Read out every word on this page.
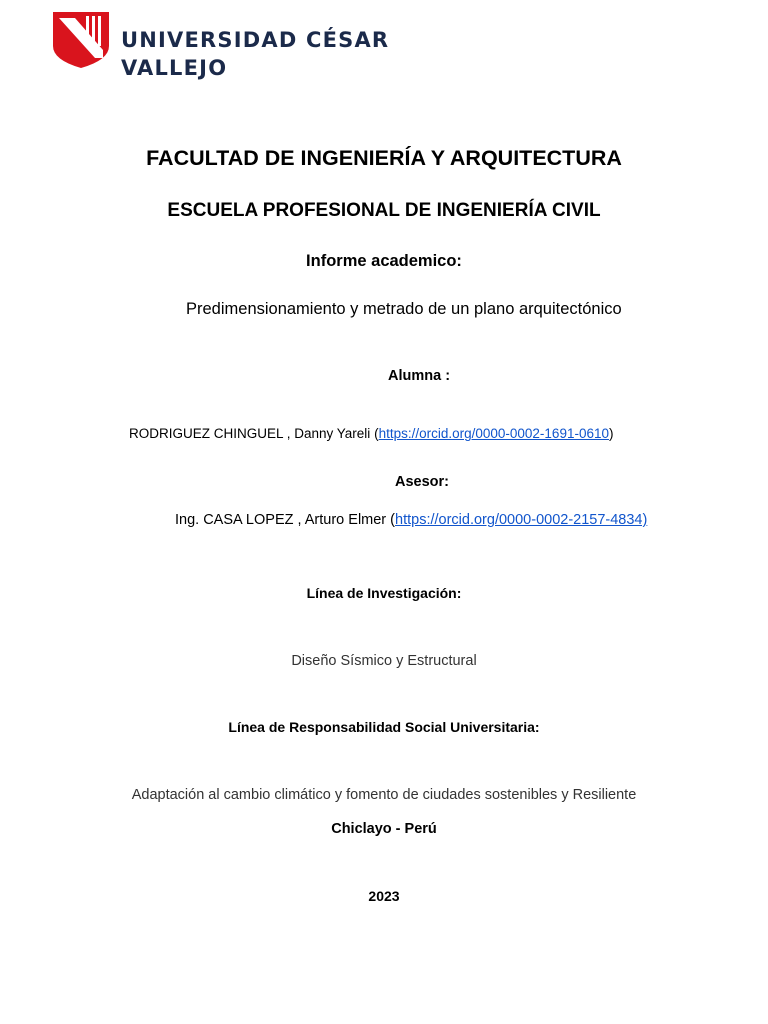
UNIVERSIDAD CÉSAR VALLEJO
FACULTAD DE INGENIERÍA Y ARQUITECTURA
ESCUELA PROFESIONAL DE INGENIERÍA CIVIL
Informe academico:
Predimensionamiento y metrado de un plano arquitectónico
Alumna :
RODRIGUEZ CHINGUEL , Danny Yareli (https://orcid.org/0000-0002-1691-0610)
Asesor:
Ing. CASA LOPEZ , Arturo Elmer (https://orcid.org/0000-0002-2157-4834)
Línea de Investigación:
Diseño Sísmico y Estructural
Línea de Responsabilidad Social Universitaria:
Adaptación al cambio climático y fomento de ciudades sostenibles y Resiliente
Chiclayo - Perú
2023
